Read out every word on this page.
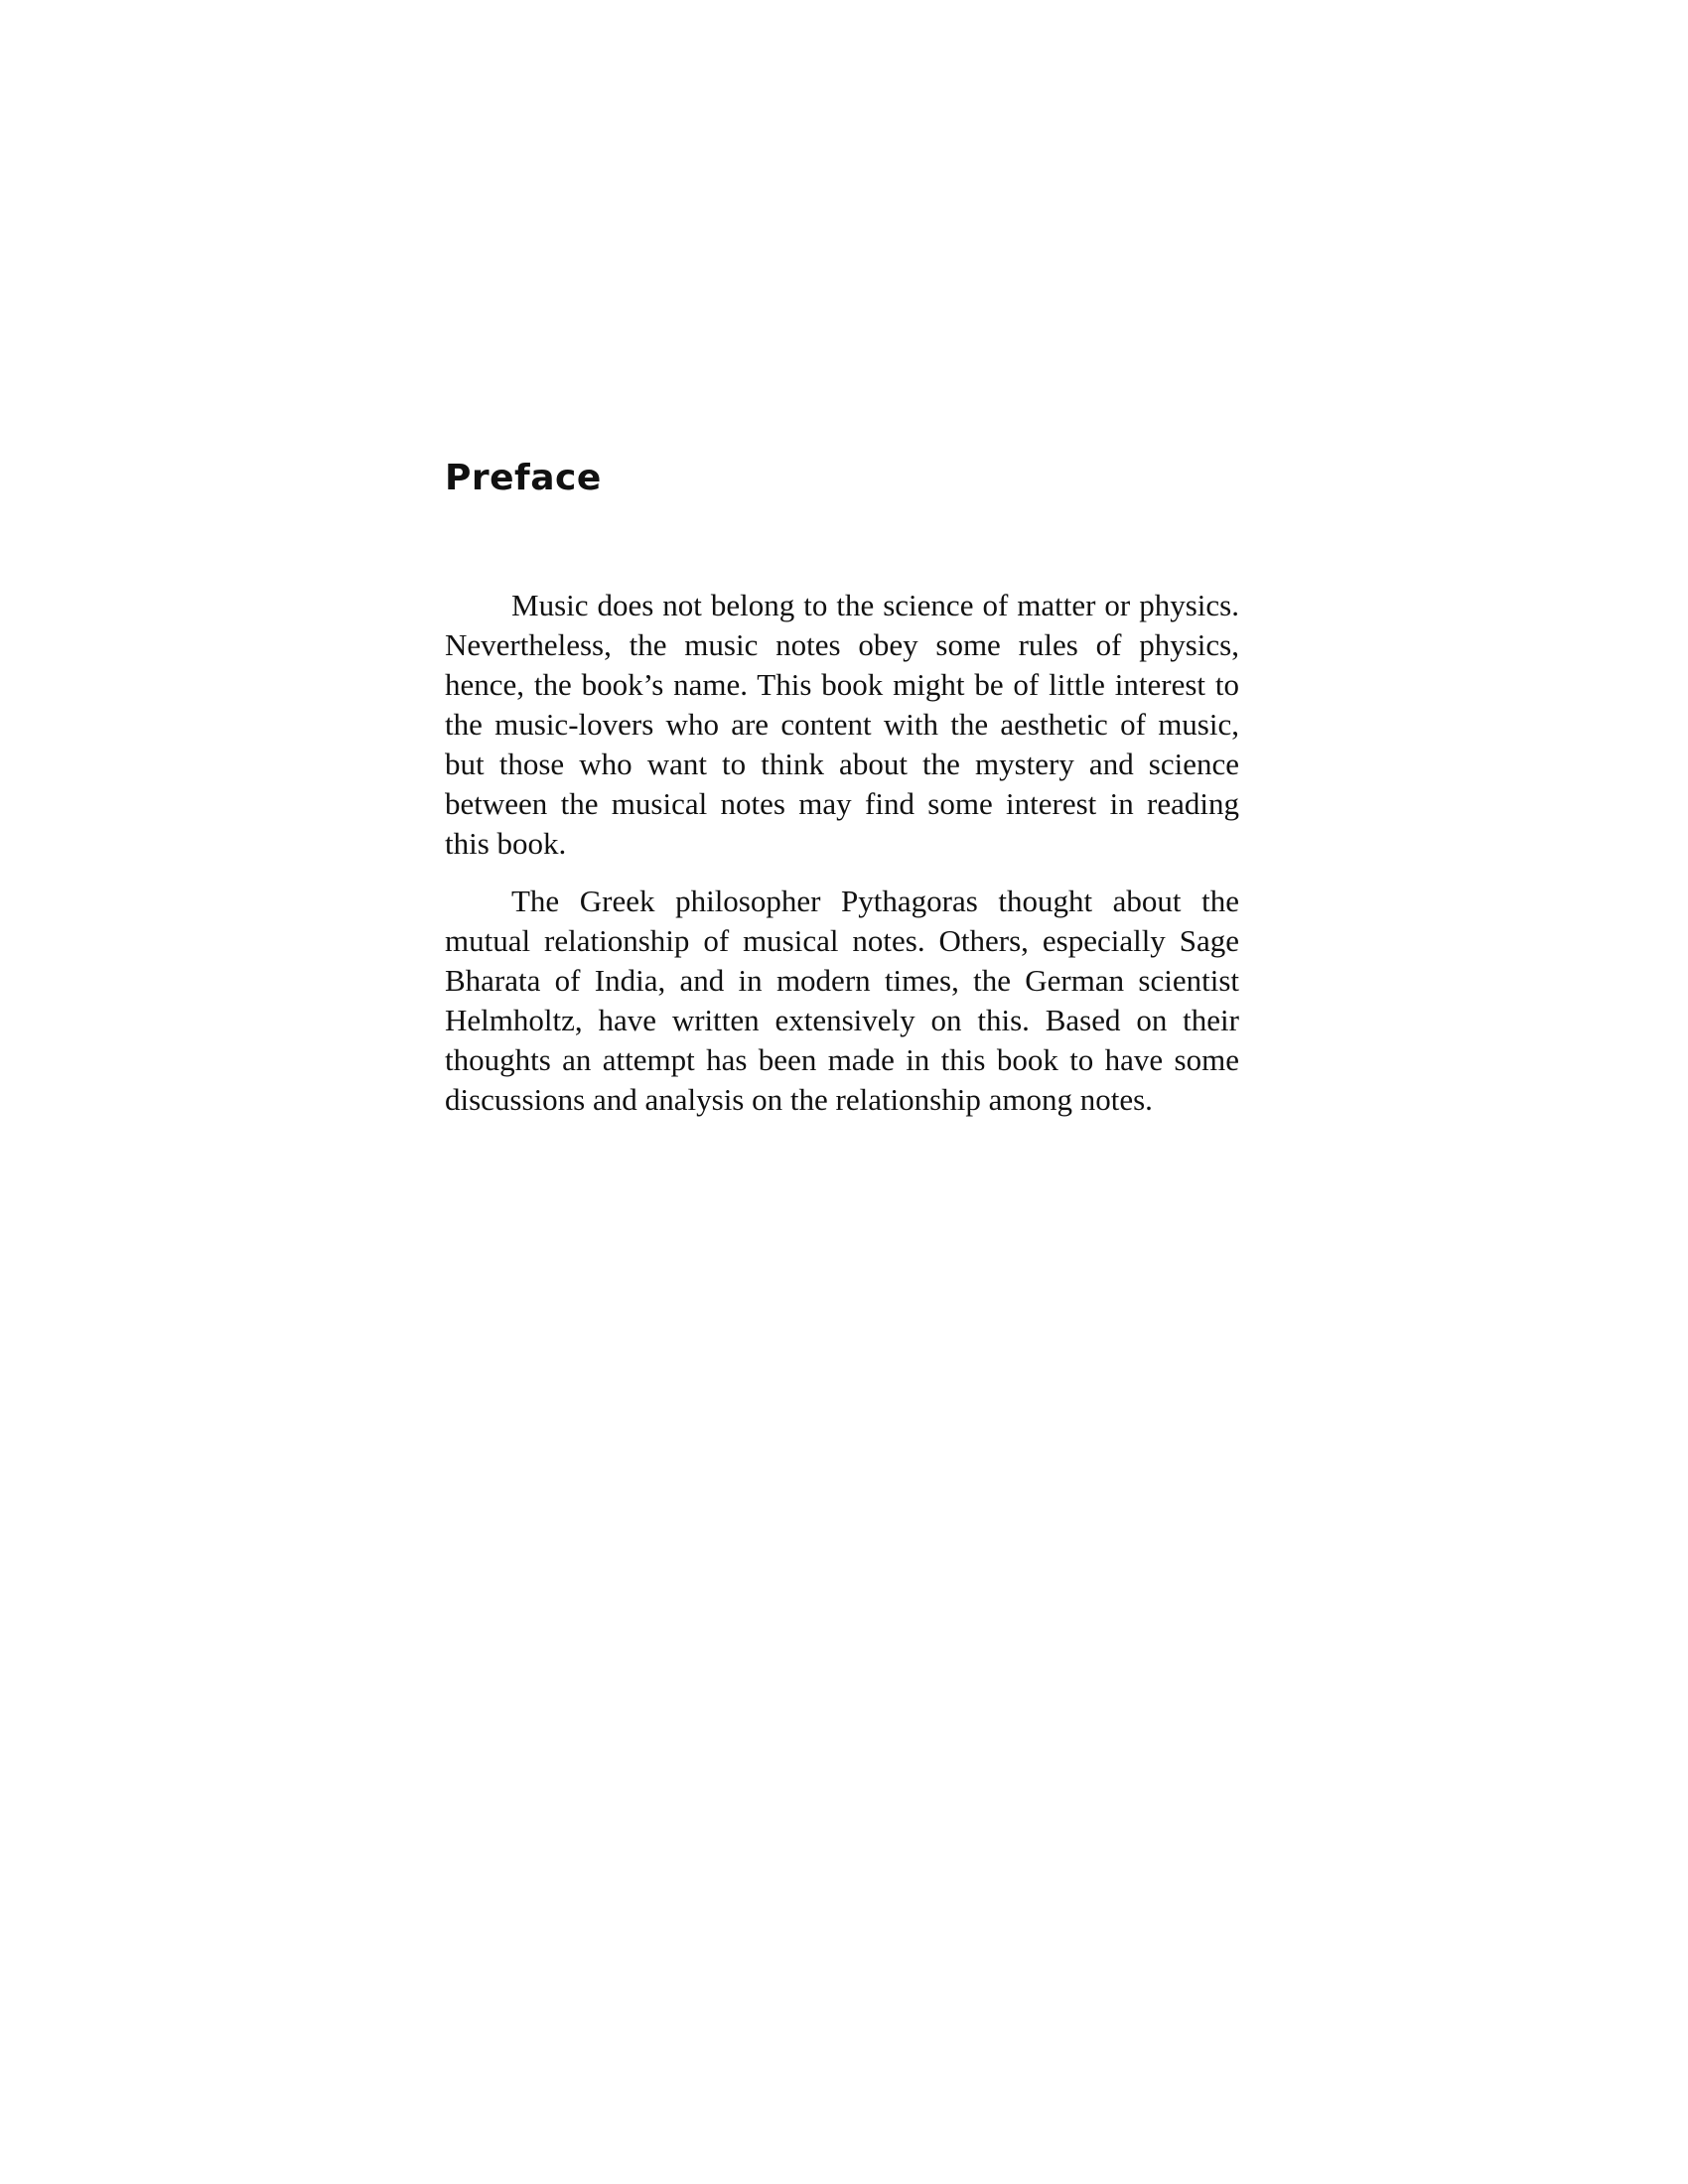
Preface

Music does not belong to the science of matter or physics. Nevertheless, the music notes obey some rules of physics, hence, the book’s name. This book might be of little interest to the music-lovers who are content with the aesthetic of music, but those who want to think about the mystery and science between the musical notes may find some interest in reading this book.

The Greek philosopher Pythagoras thought about the mutual relationship of musical notes. Others, especially Sage Bharata of India, and in modern times, the German scientist Helmholtz, have written extensively on this. Based on their thoughts an attempt has been made in this book to have some discussions and analysis on the relationship among notes.
